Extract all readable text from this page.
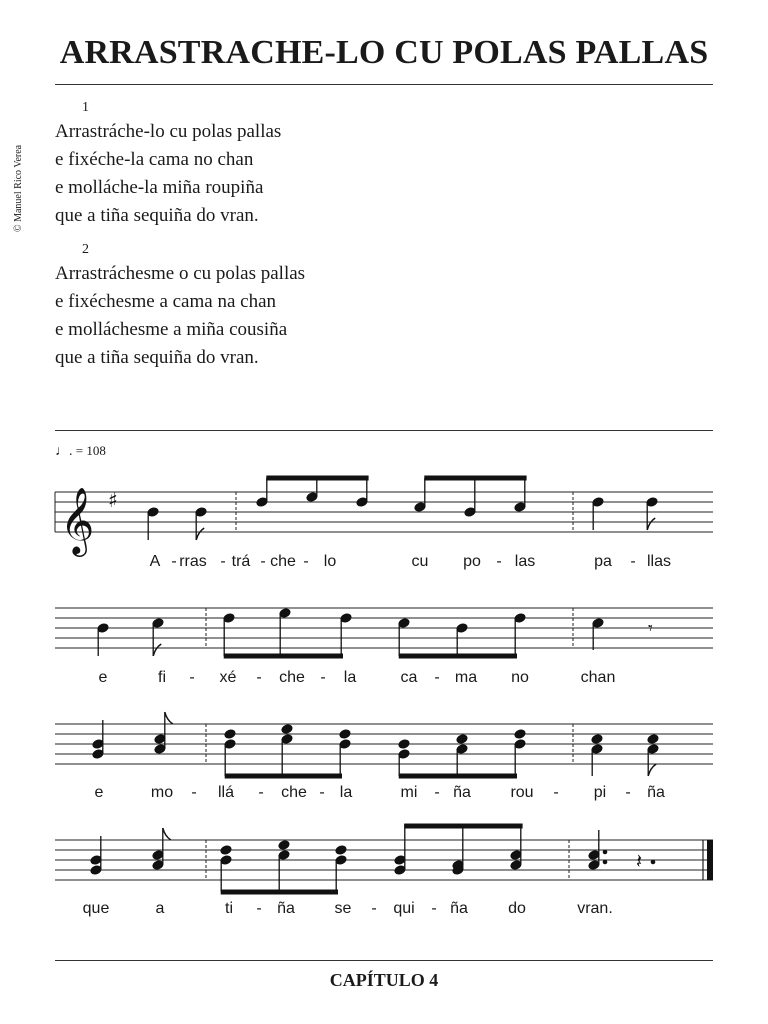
ARRASTRACHE-LO CU POLAS PALLAS
© Manuel Rico Verea
1
Arrastráche-lo cu polas pallas
e fixéche-la cama no chan
e molláche-la miña roupiña
que a tiña sequiña do vran.
2
Arrastráchesme o cu polas pallas
e fixéchesme a cama na chan
e molláchesme a miña cousiña
que a tiña sequiña do vran.
♩. = 108
𝄞 ♯
𝄾
𝄽
A - rras - trá - che - lo	cu po - las	pa - llas
e	fi - xé - che - la	ca - ma no	chan
e	mo - llá - che - la	mi - ña rou - pi - ña
que	a	ti - ña se - qui - ña	do	vran.
CAPÍTULO 4
